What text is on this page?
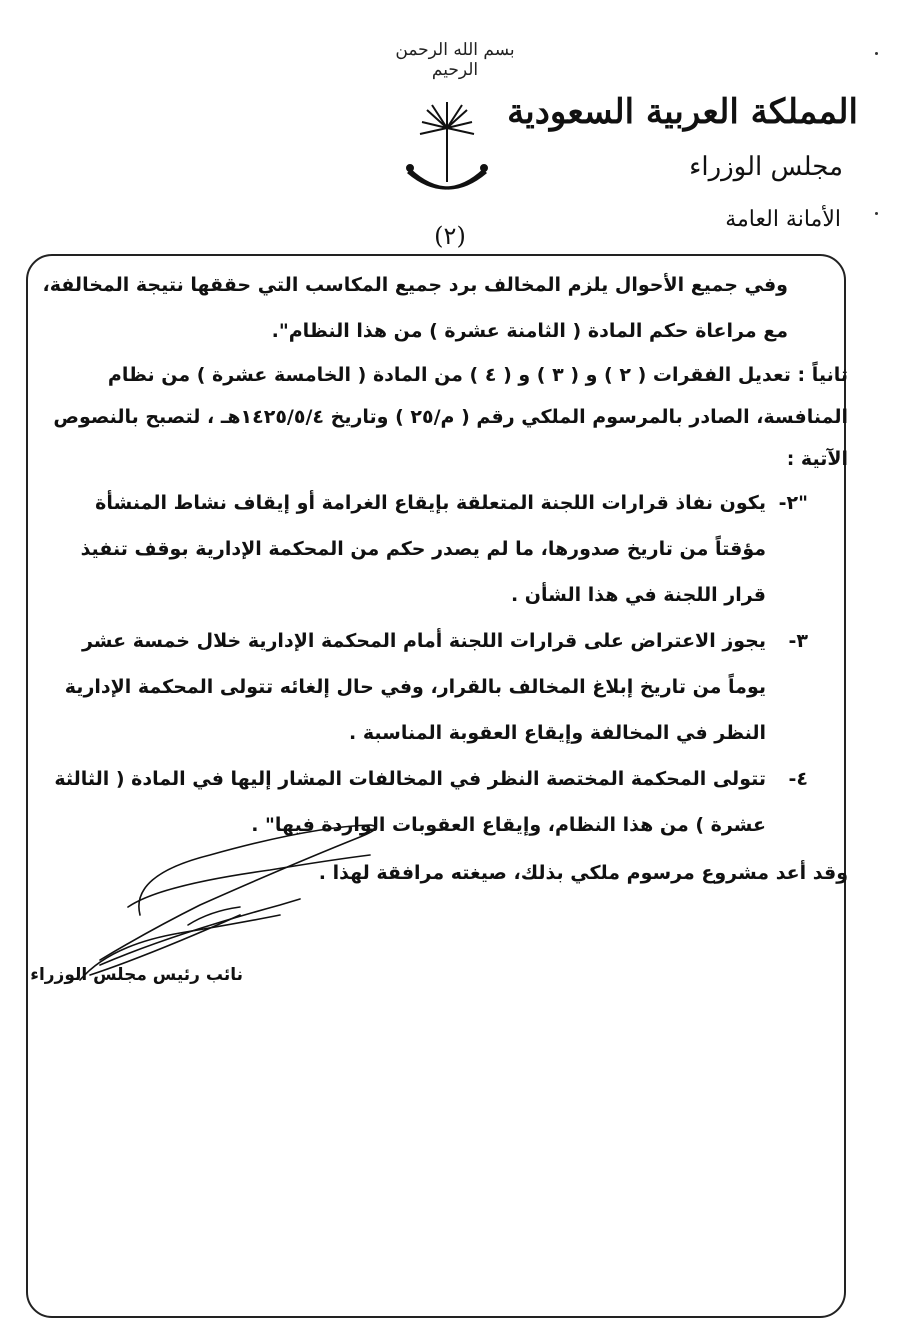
بسم الله الرحمن الرحيم
المملكة العربية السعودية
مجلس الوزراء
الأمانة العامة
(٢)

وفي جميع الأحوال يلزم المخالف برد جميع المكاسب التي حققها نتيجة المخالفة، مع مراعاة حكم المادة ( الثامنة عشرة ) من هذا النظام".

ثانياً : تعديل الفقرات ( ٢ ) و ( ٣ ) و ( ٤ ) من المادة ( الخامسة عشرة ) من نظام المنافسة، الصادر بالمرسوم الملكي رقم ( م/٢٥ ) وتاريخ ١٤٢٥/٥/٤هـ ، لتصبح بالنصوص الآتية :

"٢-
يكون نفاذ قرارات اللجنة المتعلقة بإيقاع الغرامة أو إيقاف نشاط المنشأة مؤقتاً من تاريخ صدورها، ما لم يصدر حكم من المحكمة الإدارية بوقف تنفيذ قرار اللجنة في هذا الشأن .
٣-
يجوز الاعتراض على قرارات اللجنة أمام المحكمة الإدارية خلال خمسة عشر يوماً من تاريخ إبلاغ المخالف بالقرار، وفي حال إلغائه تتولى المحكمة الإدارية النظر في المخالفة وإيقاع العقوبة المناسبة .
٤-
تتولى المحكمة المختصة النظر في المخالفات المشار إليها في المادة ( الثالثة عشرة ) من هذا النظام، وإيقاع العقوبات الواردة فيها" .

وقد أعد مشروع مرسوم ملكي بذلك، صيغته مرافقة لهذا .

نائب رئيس مجلس الوزراء
